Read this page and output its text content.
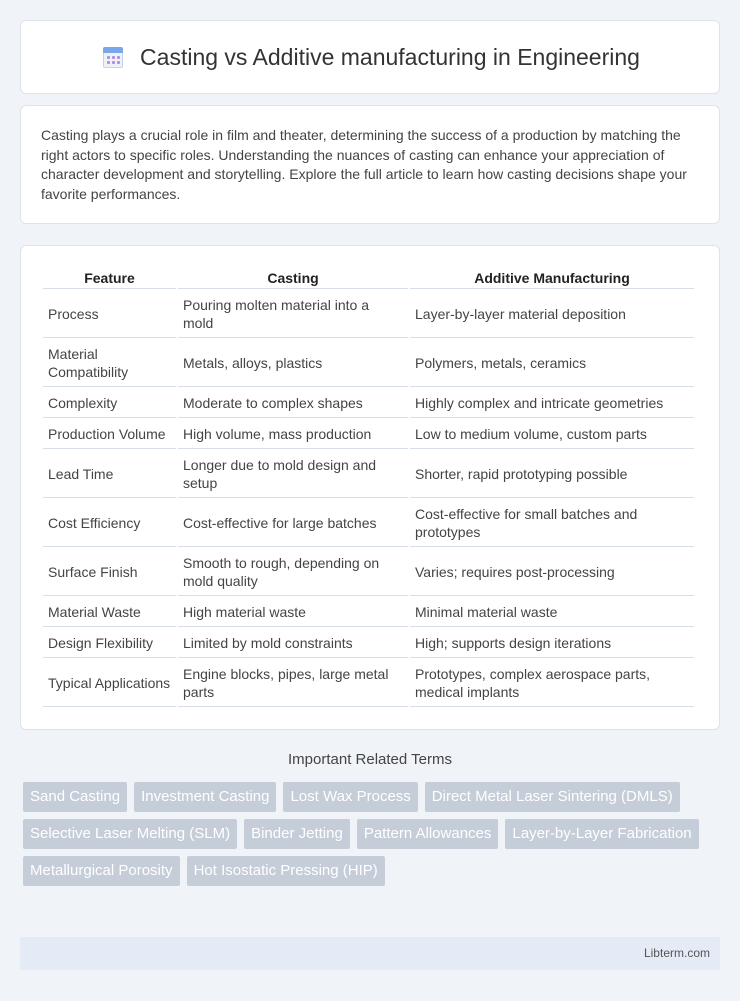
Casting vs Additive manufacturing in Engineering

Casting plays a crucial role in film and theater, determining the success of a production by matching the right actors to specific roles. Understanding the nuances of casting can enhance your appreciation of character development and storytelling. Explore the full article to learn how casting decisions shape your favorite performances.

Feature	Casting	Additive Manufacturing
Process	Pouring molten material into a mold	Layer-by-layer material deposition
Material Compatibility	Metals, alloys, plastics	Polymers, metals, ceramics
Complexity	Moderate to complex shapes	Highly complex and intricate geometries
Production Volume	High volume, mass production	Low to medium volume, custom parts
Lead Time	Longer due to mold design and setup	Shorter, rapid prototyping possible
Cost Efficiency	Cost-effective for large batches	Cost-effective for small batches and prototypes
Surface Finish	Smooth to rough, depending on mold quality	Varies; requires post-processing
Material Waste	High material waste	Minimal material waste
Design Flexibility	Limited by mold constraints	High; supports design iterations
Typical Applications	Engine blocks, pipes, large metal parts	Prototypes, complex aerospace parts, medical implants
Important Related Terms
Sand Casting	Investment Casting	Lost Wax Process	Direct Metal Laser Sintering (DMLS)
Selective Laser Melting (SLM)	Binder Jetting	Pattern Allowances	Layer-by-Layer Fabrication
Metallurgical Porosity	Hot Isostatic Pressing (HIP)
Libterm.com
